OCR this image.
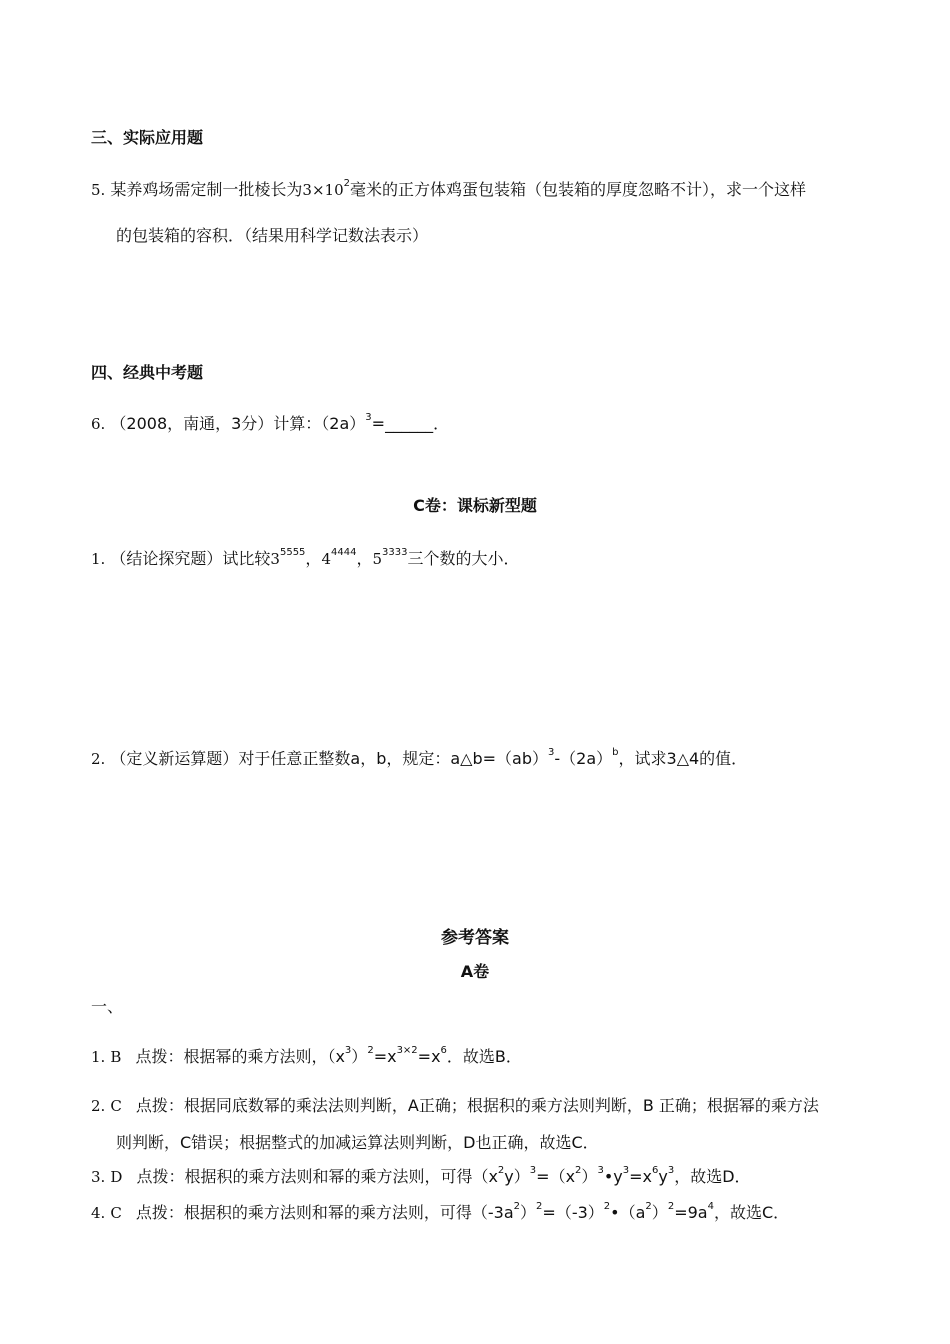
三、实际应用题
5. 某养鸡场需定制一批棱长为$3\times 10^2$毫米的正方体鸡蛋包装箱（包装箱的厚度忽略不计），求一个这样
的包装箱的容积．（结果用科学记数法表示）
四、经典中考题
6. （2008，南通，3分）计算：$(2a)^3=\_\_\_\_\_\_$．
C卷：课标新型题
1. （结论探究题）试比较$3^{5555}$，$4^{4444}$，$5^{3333}$三个数的大小．
2. （定义新运算题）对于任意正整数a，b，规定：$a\triangle b=(ab)^3-(2a)^b$，试求3△4的值．
参考答案
A卷
一、
1. B 点拨：根据幂的乘方法则，$(x^3)^2=x^{3\times 2}=x^6$．故选B．
2. C 点拨：根据同底数幂的乘法法则判断，A正确；根据积的乘方法则判断，B 正确；根据幂的乘方法
则判断，C错误；根据整式的加减运算法则判断，D也正确，故选C．
3. D 点拨：根据积的乘方法则和幂的乘方法则，可得$(x^2y)^3=(x^2)^3•y^3=x^6y^3$，故选D．
4. C 点拨：根据积的乘方法则和幂的乘方法则，可得$(-3a^2)^2=(-3)^2•(a^2)^2=9a^4$，故选C．
